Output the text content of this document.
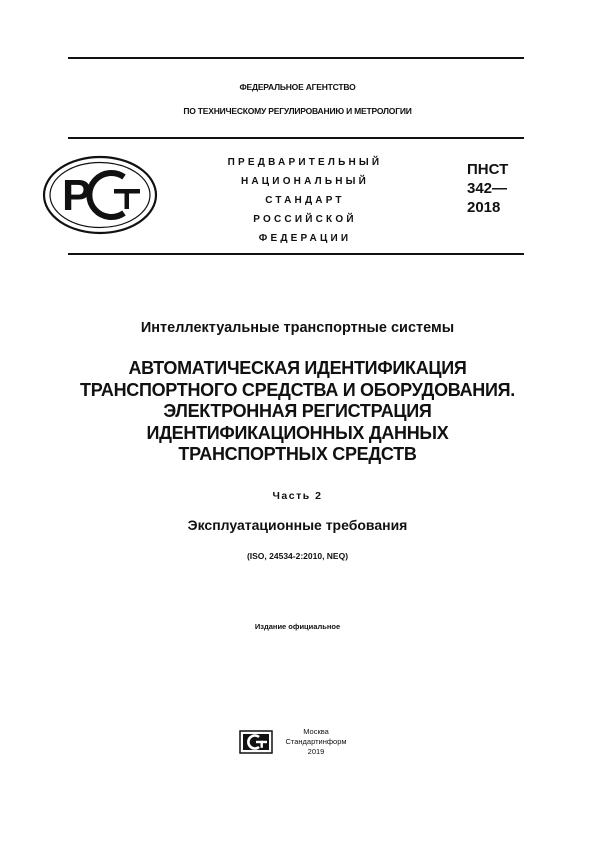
ФЕДЕРАЛЬНОЕ АГЕНТСТВО
ПО ТЕХНИЧЕСКОМУ РЕГУЛИРОВАНИЮ И МЕТРОЛОГИИ
Р
ПРЕДВАРИТЕЛЬНЫЙ
НАЦИОНАЛЬНЫЙ
СТАНДАРТ
РОССИЙСКОЙ
ФЕДЕРАЦИИ
ПНСТ
342—
2018
Интеллектуальные транспортные системы
АВТОМАТИЧЕСКАЯ ИДЕНТИФИКАЦИЯ
ТРАНСПОРТНОГО СРЕДСТВА И ОБОРУДОВАНИЯ.
ЭЛЕКТРОННАЯ РЕГИСТРАЦИЯ
ИДЕНТИФИКАЦИОННЫХ ДАННЫХ
ТРАНСПОРТНЫХ СРЕДСТВ
Часть 2
Эксплуатационные требования
(ISO, 24534-2:2010, NEQ)
Издание официальное
Москва
Стандартинформ
2019
